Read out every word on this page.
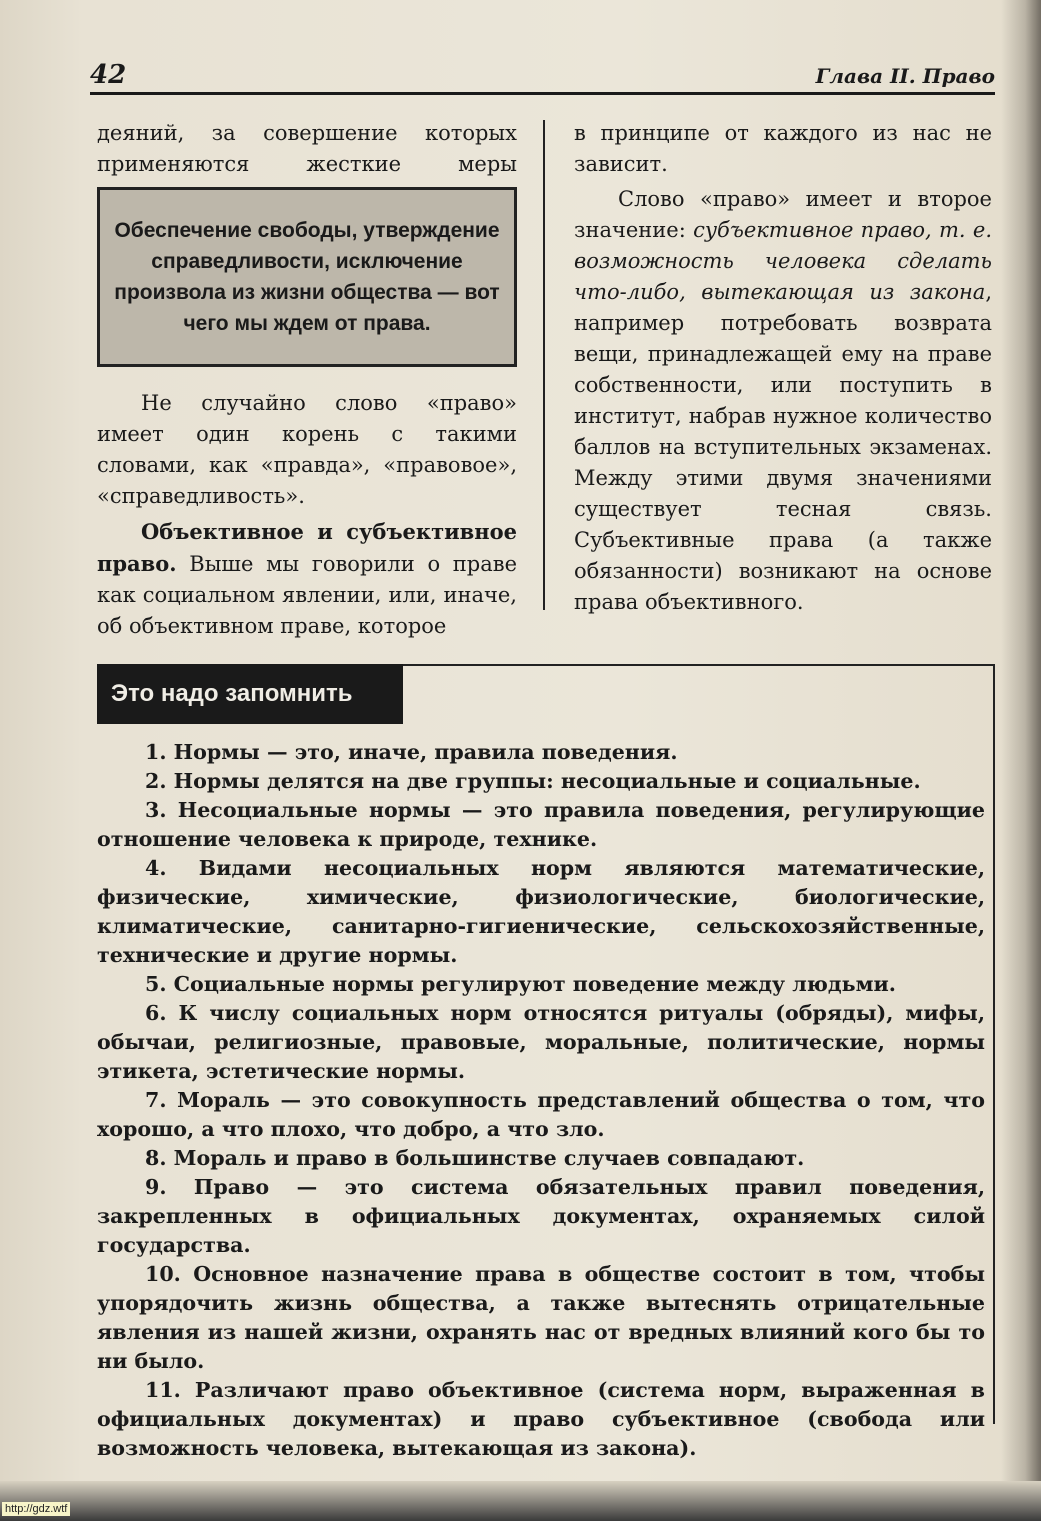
42	Глава II. Право

деяний, за совершение которых применяются жесткие меры

Обеспечение свободы, утверждение справедливости, исключение произвола из жизни общества — вот чего мы ждем от права.

Не случайно слово «право» имеет один корень с такими словами, как «правда», «правовое», «справедливость».

Объективное и субъективное право. Выше мы говорили о праве как социальном явлении, или, иначе, об объективном праве, которое

в принципе от каждого из нас не зависит.

Слово «право» имеет и второе значение: субъективное право, т. е. возможность человека сделать что-либо, вытекающая из закона, например потребовать возврата вещи, принадлежащей ему на праве собственности, или поступить в институт, набрав нужное количество баллов на вступительных экзаменах. Между этими двумя значениями существует тесная связь. Субъективные права (а также обязанности) возникают на основе права объективного.

Это надо запомнить

1. Нормы — это, иначе, правила поведения.

2. Нормы делятся на две группы: несоциальные и социальные.

3. Несоциальные нормы — это правила поведения, регулирующие отношение человека к природе, технике.

4. Видами несоциальных норм являются математические, физические, химические, физиологические, биологические, климатические, санитарно-гигиенические, сельскохозяйственные, технические и другие нормы.

5. Социальные нормы регулируют поведение между людьми.

6. К числу социальных норм относятся ритуалы (обряды), мифы, обычаи, религиозные, правовые, моральные, политические, нормы этикета, эстетические нормы.

7. Мораль — это совокупность представлений общества о том, что хорошо, а что плохо, что добро, а что зло.

8. Мораль и право в большинстве случаев совпадают.

9. Право — это система обязательных правил поведения, закрепленных в официальных документах, охраняемых силой государства.

10. Основное назначение права в обществе состоит в том, чтобы упорядочить жизнь общества, а также вытеснять отрицательные явления из нашей жизни, охранять нас от вредных влияний кого бы то ни было.

11. Различают право объективное (система норм, выраженная в официальных документах) и право субъективное (свобода или возможность человека, вытекающая из закона).

http://gdz.wtf
